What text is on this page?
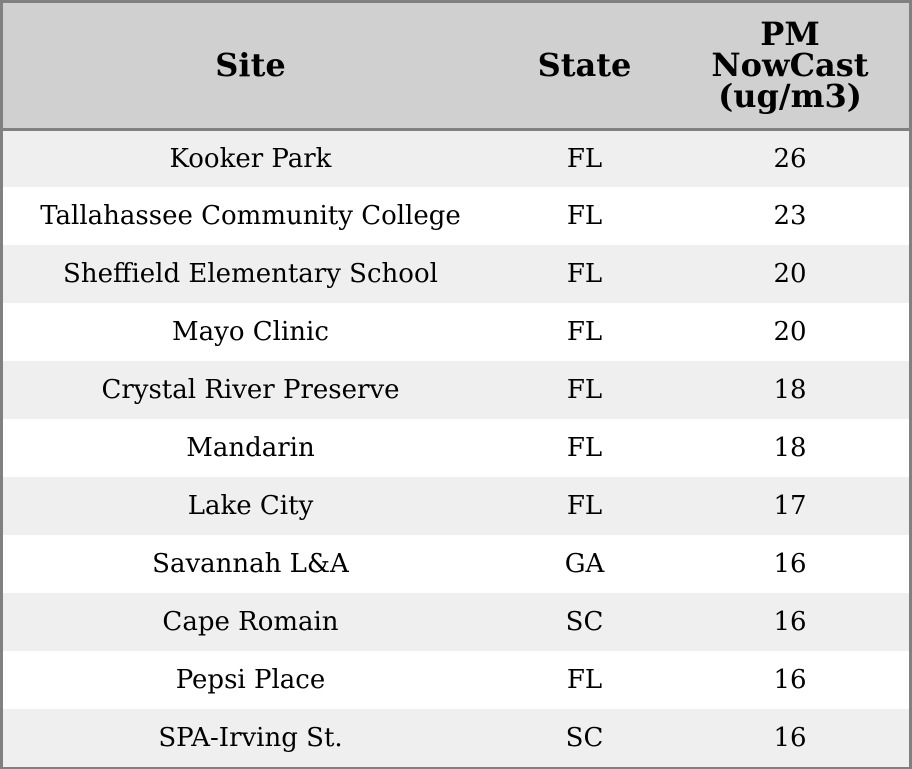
Site	State	PM
NowCast
(ug/m3)
Kooker Park	FL	26
Tallahassee Community College	FL	23
Sheffield Elementary School	FL	20
Mayo Clinic	FL	20
Crystal River Preserve	FL	18
Mandarin	FL	18
Lake City	FL	17
Savannah L&A	GA	16
Cape Romain	SC	16
Pepsi Place	FL	16
SPA-Irving St.	SC	16
